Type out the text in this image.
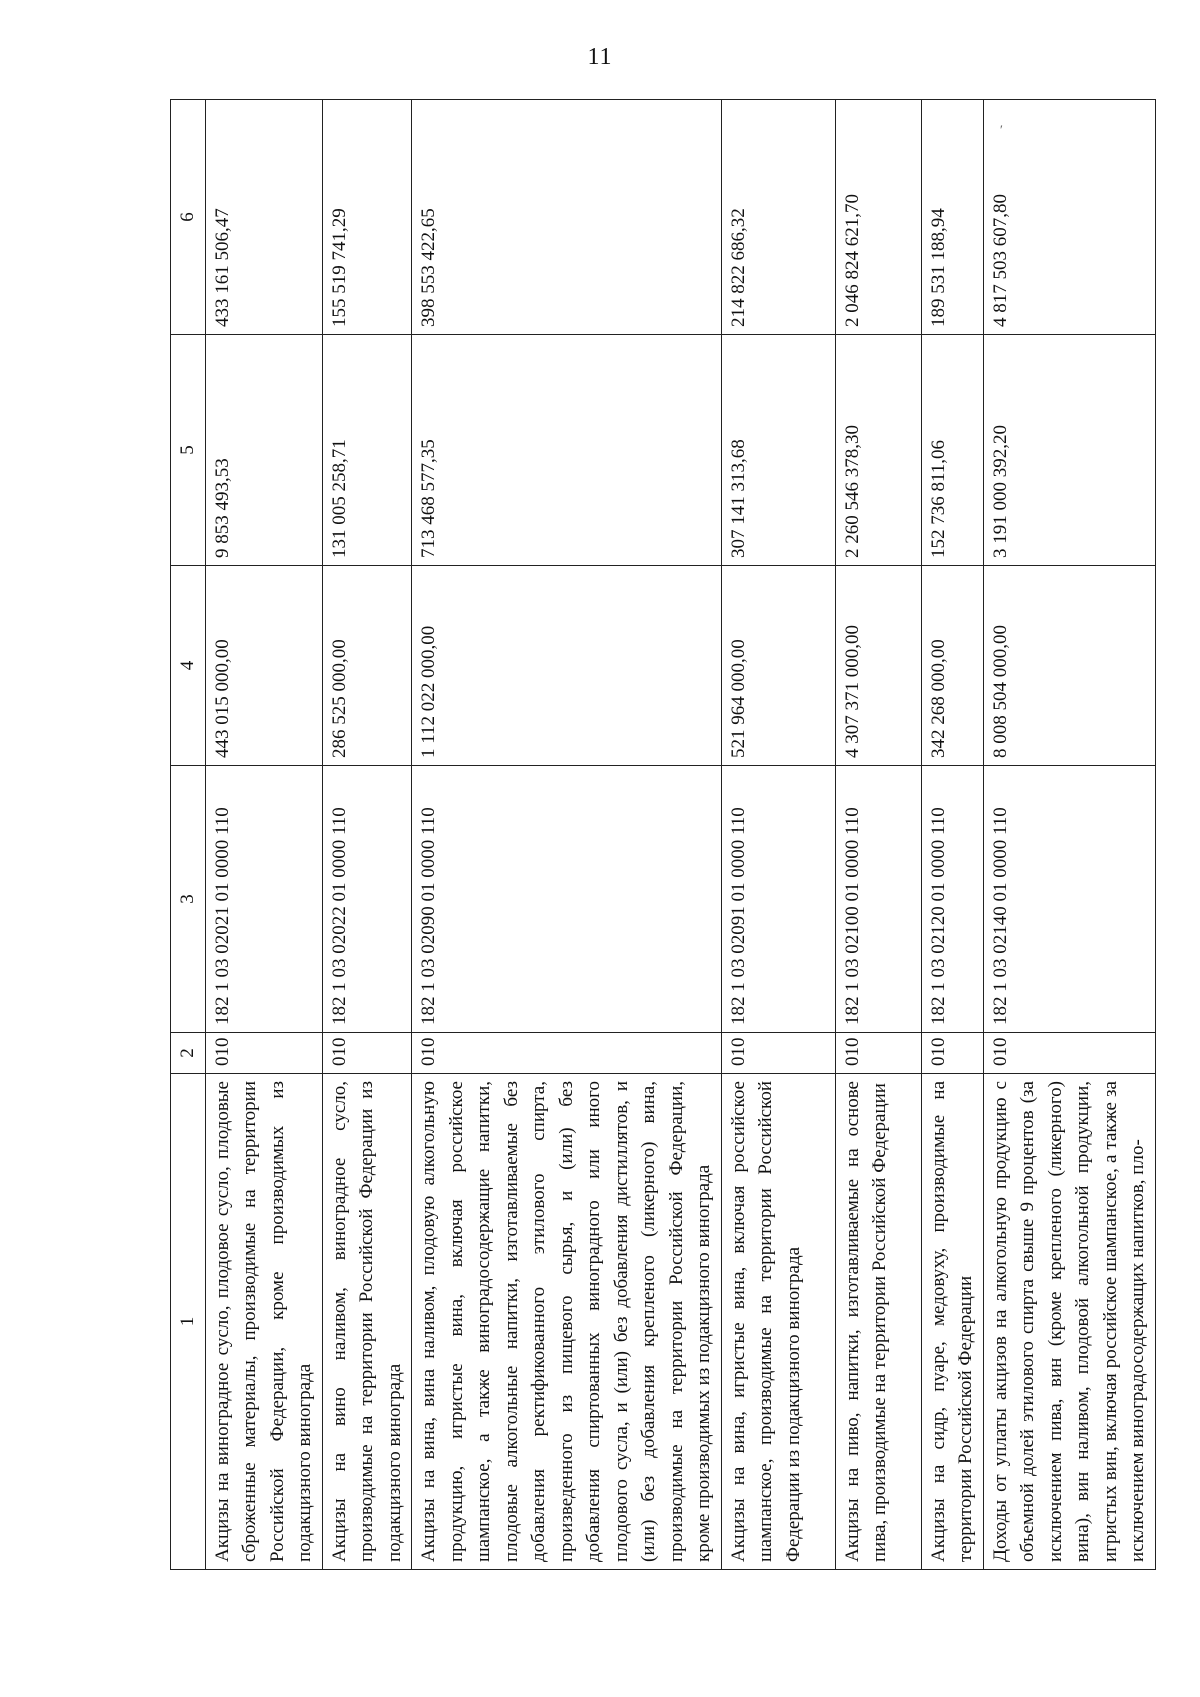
11
′
1	2	3	4	5	6
Акцизы на виноградное сусло, плодовое сусло, плодовые сброженные материалы, производимые на территории Российской Федерации, кроме производимых из подакцизного винограда	010	182 1 03 02021 01 0000 110	443 015 000,00	9 853 493,53	433 161 506,47
Акцизы на вино наливом, виноградное сусло, производимые на территории Российской Федерации из подакцизного винограда	010	182 1 03 02022 01 0000 110	286 525 000,00	131 005 258,71	155 519 741,29
Акцизы на вина, вина наливом, плодовую алкогольную продукцию, игристые вина, включая российское шампанское, а также виноградосодержащие напитки, плодовые алкогольные напитки, изготавливаемые без добавления ректификованного этилового спирта, произведенного из пищевого сырья, и (или) без добавления спиртованных виноградного или иного плодового сусла, и (или) без добавления дистиллятов, и (или) без добавления крепленого (ликерного) вина, производимые на территории Российской Федерации, кроме производимых из подакцизного винограда	010	182 1 03 02090 01 0000 110	1 112 022 000,00	713 468 577,35	398 553 422,65
Акцизы на вина, игристые вина, включая российское шампанское, производимые на территории Российской Федерации из подакцизного винограда	010	182 1 03 02091 01 0000 110	521 964 000,00	307 141 313,68	214 822 686,32
Акцизы на пиво, напитки, изготавливаемые на основе пива, производимые на территории Российской Федерации	010	182 1 03 02100 01 0000 110	4 307 371 000,00	2 260 546 378,30	2 046 824 621,70
Акцизы на сидр, пуаре, медовуху, производимые на территории Российской Федерации	010	182 1 03 02120 01 0000 110	342 268 000,00	152 736 811,06	189 531 188,94
Доходы от уплаты акцизов на алкогольную продукцию с объемной долей этилового спирта свыше 9 процентов (за исключением пива, вин (кроме крепленого (ликерного) вина), вин наливом, плодовой алкогольной продукции, игристых вин, включая российское шампанское, а также за исключением виноградосодержащих напитков, пло-	010	182 1 03 02140 01 0000 110	8 008 504 000,00	3 191 000 392,20	4 817 503 607,80
